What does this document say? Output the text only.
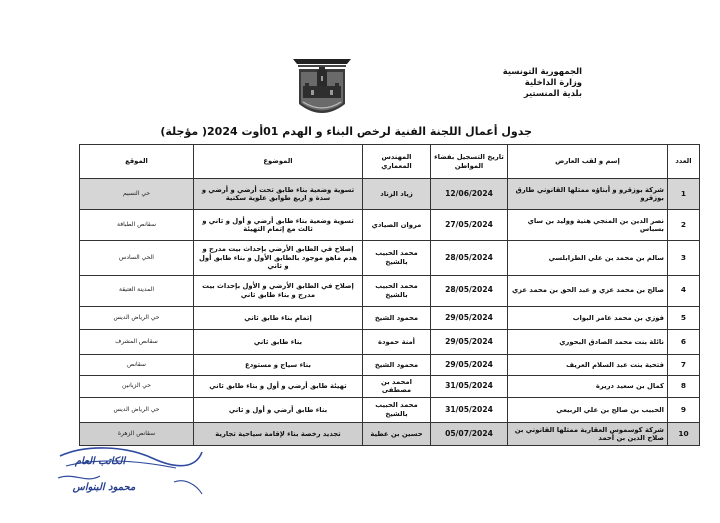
الجمهورية التونسية
وزارة الداخلية
بلدية المنستير
جدول أعمال اللجنة الفنية لرخص البناء و الهدم 01أوت 2024( مؤجلة)
العدد	إسم و لقب العارض	تاريخ التسجيل بفضاء المواطن	المهندس المعماري	الموضوع	الموقع
1	شركة بوزقرو و أبناؤه ممثلها القانوني طارق بوزقرو	12/06/2024	زياد الزناد	تسوية وضعية بناء طابق تحت أرضي و أرضي و سدة و اربع طوابق علوية سكنية	حي النسيم
2	نصر الدين بن المنجي هنية ووليد بن ساي بسباس	27/05/2024	مروان الصيادي	تسوية وضعية بناء طابق أرضي و أول و ثاني و ثالث مع إتمام التهيئة	سقانص الطبافة
3	سالم بن محمد بن علي الطرابلسي	28/05/2024	محمد الحبيب بالشيخ	إصلاح في الطابق الأرضي بإحداث بيت مدرج و هدم ماهو موجود بالطابق الأول و بناء طابق أول و ثاني	الحي السادس
4	صالح بن محمد عزي و عبد الحق بن محمد عزي	28/05/2024	محمد الحبيب بالشيخ	إصلاح في الطابق الأرضي و الأول بإحداث بيت مدرج و بناء طابق ثاني	المدينة العتيقة
5	فوزي بن محمد عامر البواب	29/05/2024	محمود الشيخ	إتمام بناء طابق ثاني	حي الرياض الديس
6	نائلة بنت محمد الصادق البحوري	29/05/2024	أمنة حمودة	بناء طابق ثاني	سقانص المشرف
7	فتحية بنت عبد السلام العريف	29/05/2024	محمود الشيخ	بناء سياج و مستودع	سقانص
8	كمال بن سعيد دريرة	31/05/2024	امحمد بن مصطفى	تهيئة طابق أرضي و أول و بناء طابق ثاني	حي الزيانين
9	الحبيب بن صالح بن علي الربيعي	31/05/2024	محمد الحبيب بالشيخ	بناء طابق أرضي و أول و ثاني	حي الرياض الديس
10	شركة كوسموس العقارية ممثلها القانوني بن صلاح الدين بن أحمد	05/07/2024	حسين بن عطية	تجديد رخصة بناء لإقامة سياحية تجارية	سقانص الزهرة
الكاتب العام
محمود البنواس
